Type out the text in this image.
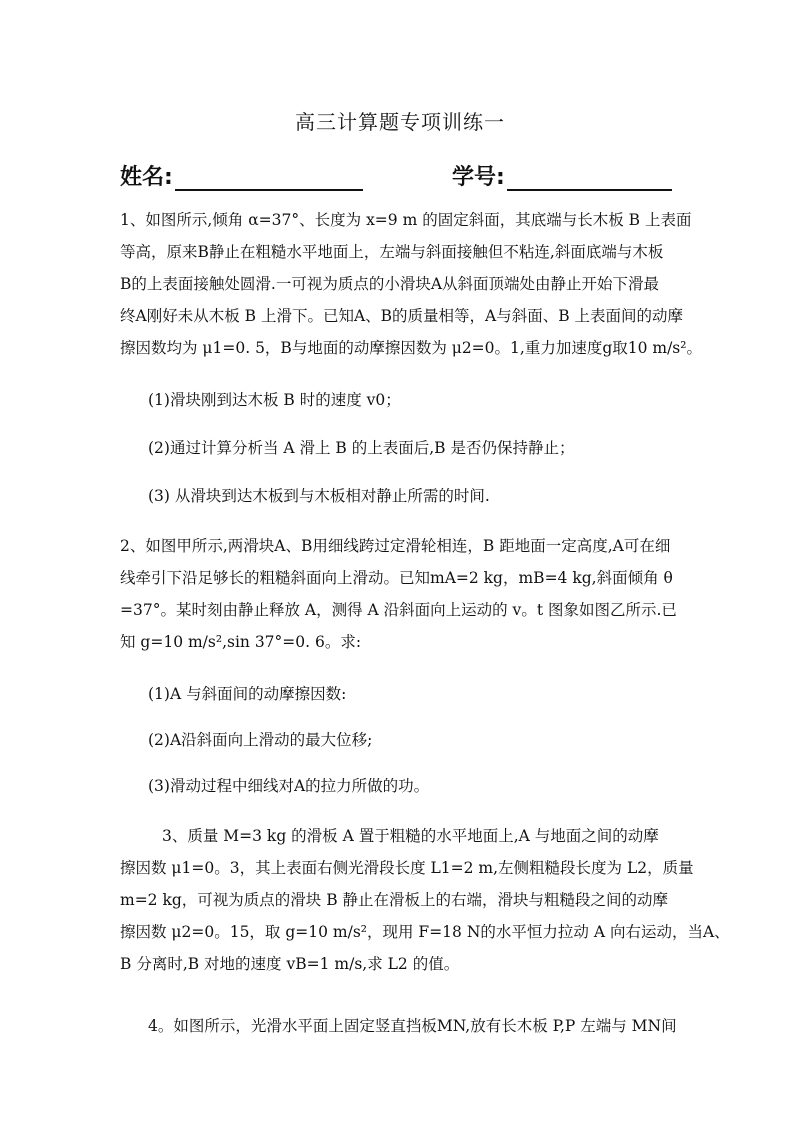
高三计算题专项训练一
姓名:	学号:
1、如图所示,倾角 α=37°、长度为 x=9 m 的固定斜面，其底端与长木板 B 上表面
等高，原来B静止在粗糙水平地面上，左端与斜面接触但不粘连,斜面底端与木板
B的上表面接触处圆滑.一可视为质点的小滑块A从斜面顶端处由静止开始下滑最
终A刚好未从木板 B 上滑下。已知A、B的质量相等，A与斜面、B 上表面间的动摩
擦因数均为 μ1=0. 5，B与地面的动摩擦因数为 μ2=0。1,重力加速度g取10 m/s²。
(1)滑块刚到达木板 B 时的速度 v0；
(2)通过计算分析当 A 滑上 B 的上表面后,B 是否仍保持静止；
(3) 从滑块到达木板到与木板相对静止所需的时间.
2、如图甲所示,两滑块A、B用细线跨过定滑轮相连，B 距地面一定高度,A可在细
线牵引下沿足够长的粗糙斜面向上滑动。已知mA=2 kg，mB=4 kg,斜面倾角 θ
=37°。某时刻由静止释放 A，测得 A 沿斜面向上运动的 v。t 图象如图乙所示.已
知 g=10 m/s²,sin 37°=0. 6。求:
(1)A 与斜面间的动摩擦因数:
(2)A沿斜面向上滑动的最大位移;
(3)滑动过程中细线对A的拉力所做的功。
3、质量 M=3 kg 的滑板 A 置于粗糙的水平地面上,A 与地面之间的动摩
擦因数 μ1=0。3，其上表面右侧光滑段长度 L1=2 m,左侧粗糙段长度为 L2，质量
m=2 kg，可视为质点的滑块 B 静止在滑板上的右端，滑块与粗糙段之间的动摩
擦因数 μ2=0。15，取 g=10 m/s²，现用 F=18 N的水平恒力拉动 A 向右运动，当A、
B 分离时,B 对地的速度 vB=1 m/s,求 L2 的值。
4。如图所示，光滑水平面上固定竖直挡板MN,放有长木板 P,P 左端与 MN间
